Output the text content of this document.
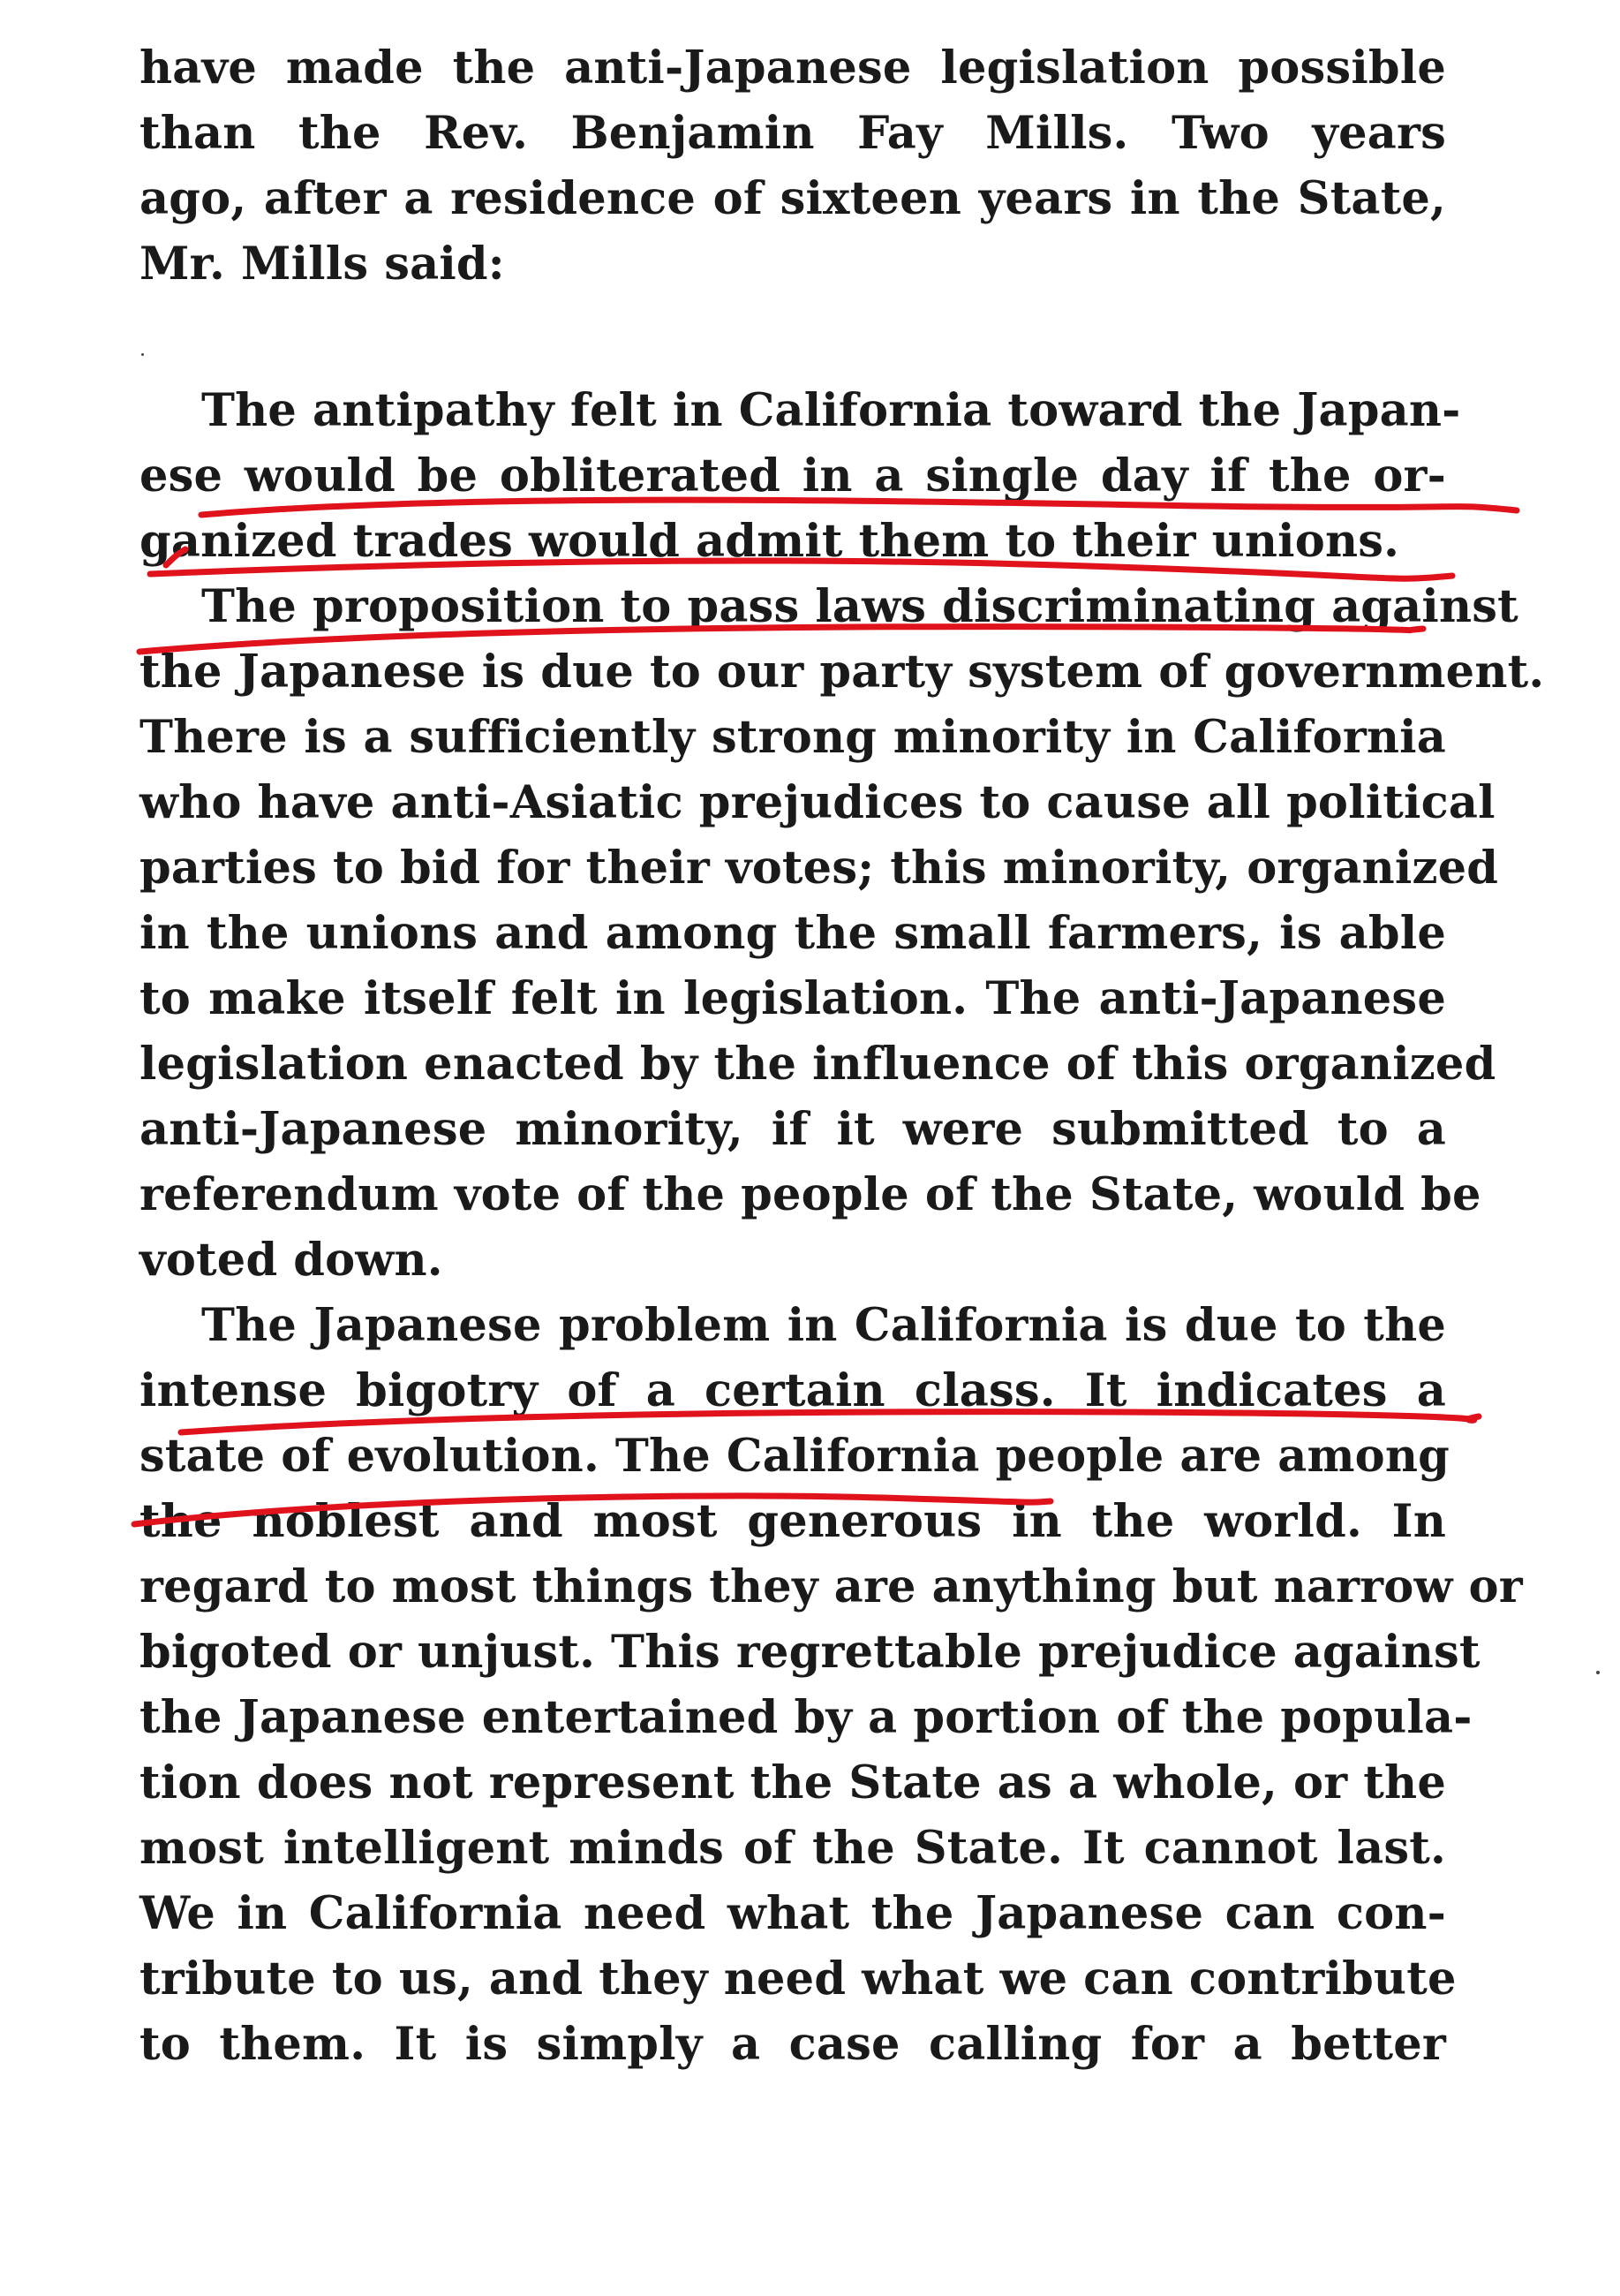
have made the anti-Japanese legislation possible
than the Rev. Benjamin Fay Mills. Two years
ago, after a residence of sixteen years in the State,
Mr. Mills said:
The antipathy felt in California toward the Japan-
ese would be obliterated in a single day if the or-
ganized trades would admit them to their unions.
The proposition to pass laws discriminating against
the Japanese is due to our party system of government.
There is a sufficiently strong minority in California
who have anti-Asiatic prejudices to cause all political
parties to bid for their votes; this minority, organized
in the unions and among the small farmers, is able
to make itself felt in legislation. The anti-Japanese
legislation enacted by the influence of this organized
anti-Japanese minority, if it were submitted to a
referendum vote of the people of the State, would be
voted down.
The Japanese problem in California is due to the
intense bigotry of a certain class. It indicates a
state of evolution. The California people are among
the noblest and most generous in the world. In
regard to most things they are anything but narrow or
bigoted or unjust. This regrettable prejudice against
the Japanese entertained by a portion of the popula-
tion does not represent the State as a whole, or the
most intelligent minds of the State. It cannot last.
We in California need what the Japanese can con-
tribute to us, and they need what we can contribute
to them. It is simply a case calling for a better
